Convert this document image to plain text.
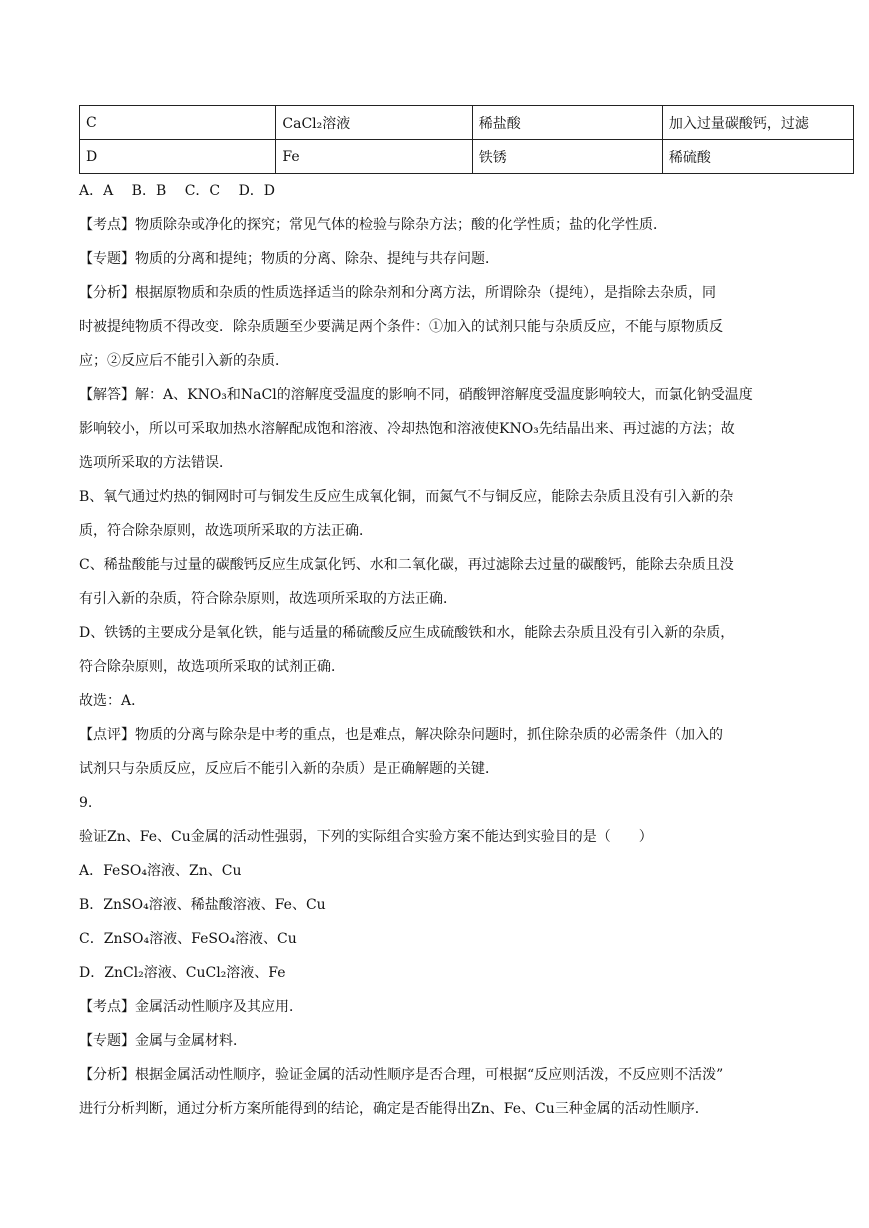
C	CaCl₂溶液	稀盐酸	加入过量碳酸钙，过滤
D	Fe	铁锈	稀硫酸
A．A　 B．B　 C．C　 D．D
【考点】物质除杂或净化的探究；常见气体的检验与除杂方法；酸的化学性质；盐的化学性质．
【专题】物质的分离和提纯；物质的分离、除杂、提纯与共存问题．
【分析】根据原物质和杂质的性质选择适当的除杂剂和分离方法，所谓除杂（提纯），是指除去杂质，同
时被提纯物质不得改变．除杂质题至少要满足两个条件：①加入的试剂只能与杂质反应，不能与原物质反
应；②反应后不能引入新的杂质．
【解答】解：A、KNO₃和NaCl的溶解度受温度的影响不同，硝酸钾溶解度受温度影响较大，而氯化钠受温度
影响较小，所以可采取加热水溶解配成饱和溶液、冷却热饱和溶液使KNO₃先结晶出来、再过滤的方法；故
选项所采取的方法错误．
B、氧气通过灼热的铜网时可与铜发生反应生成氧化铜，而氮气不与铜反应，能除去杂质且没有引入新的杂
质，符合除杂原则，故选项所采取的方法正确．
C、稀盐酸能与过量的碳酸钙反应生成氯化钙、水和二氧化碳，再过滤除去过量的碳酸钙，能除去杂质且没
有引入新的杂质，符合除杂原则，故选项所采取的方法正确．
D、铁锈的主要成分是氧化铁，能与适量的稀硫酸反应生成硫酸铁和水，能除去杂质且没有引入新的杂质，
符合除杂原则，故选项所采取的试剂正确．
故选：A．
【点评】物质的分离与除杂是中考的重点，也是难点，解决除杂问题时，抓住除杂质的必需条件（加入的
试剂只与杂质反应，反应后不能引入新的杂质）是正确解题的关键．
9.
验证Zn、Fe、Cu金属的活动性强弱，下列的实际组合实验方案不能达到实验目的是（　　）
A．FeSO₄溶液、Zn、Cu
B．ZnSO₄溶液、稀盐酸溶液、Fe、Cu
C．ZnSO₄溶液、FeSO₄溶液、Cu
D．ZnCl₂溶液、CuCl₂溶液、Fe
【考点】金属活动性顺序及其应用．
【专题】金属与金属材料．
【分析】根据金属活动性顺序，验证金属的活动性顺序是否合理，可根据“反应则活泼，不反应则不活泼”
进行分析判断，通过分析方案所能得到的结论，确定是否能得出Zn、Fe、Cu三种金属的活动性顺序．
